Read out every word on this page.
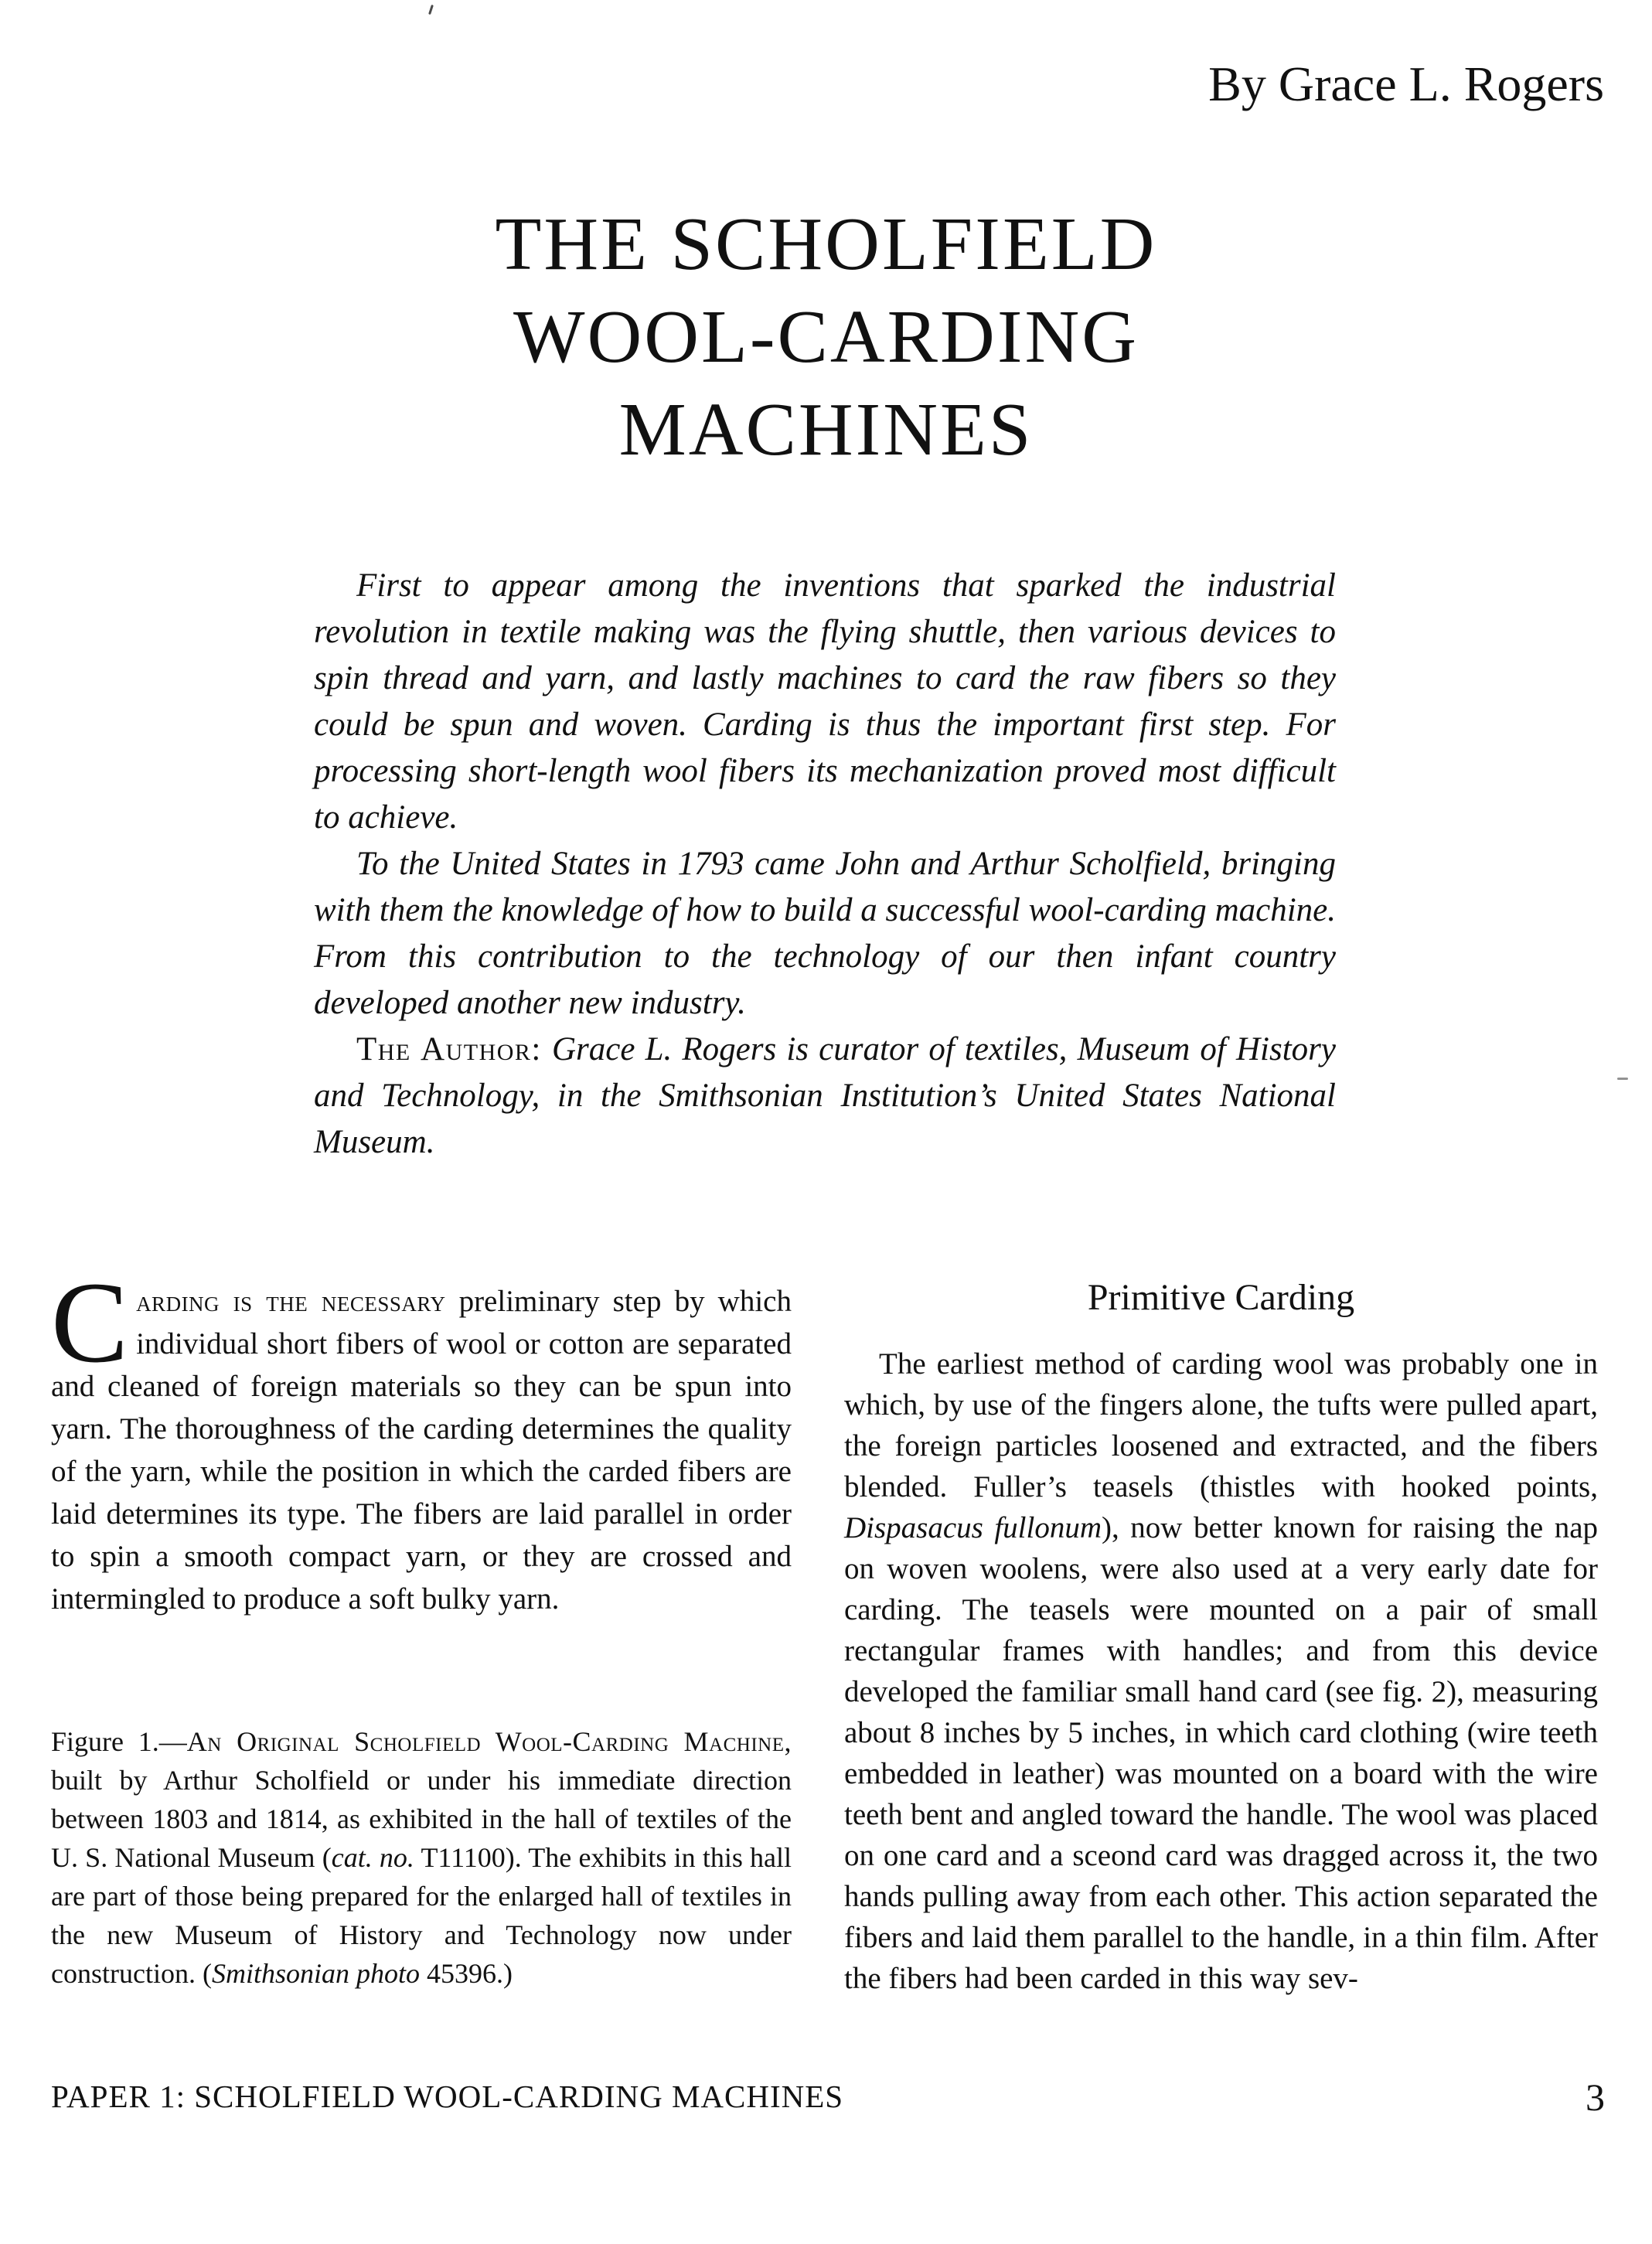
By Grace L. Rogers
THE SCHOLFIELD
WOOL-CARDING
MACHINES

First to appear among the inventions that sparked the industrial revolution in textile making was the flying shuttle, then various devices to spin thread and yarn, and lastly machines to card the raw fibers so they could be spun and woven. Carding is thus the important first step. For processing short-length wool fibers its mechanization proved most difficult to achieve.

To the United States in 1793 came John and Arthur Scholfield, bringing with them the knowledge of how to build a successful wool-carding machine. From this contribution to the technology of our then infant country developed another new industry.

The Author: Grace L. Rogers is curator of textiles, Museum of History and Technology, in the Smithsonian Institution’s United States National Museum.

Carding is the necessary preliminary step by which individual short fibers of wool or cotton are separated and cleaned of foreign materials so they can be spun into yarn. The thoroughness of the carding determines the quality of the yarn, while the position in which the carded fibers are laid determines its type. The fibers are laid parallel in order to spin a smooth compact yarn, or they are crossed and intermingled to produce a soft bulky yarn.

Figure 1.—An Original Scholfield Wool-Carding Machine, built by Arthur Scholfield or under his immediate direction between 1803 and 1814, as exhibited in the hall of textiles of the U. S. National Museum (cat. no. T11100). The exhibits in this hall are part of those being prepared for the enlarged hall of textiles in the new Museum of History and Technology now under construction. (Smithsonian photo 45396.)

Primitive Carding

The earliest method of carding wool was probably one in which, by use of the fingers alone, the tufts were pulled apart, the foreign particles loosened and extracted, and the fibers blended. Fuller’s teasels (thistles with hooked points, Dispasacus fullonum), now better known for raising the nap on woven woolens, were also used at a very early date for carding. The teasels were mounted on a pair of small rectangular frames with handles; and from this device developed the familiar small hand card (see fig. 2), measuring about 8 inches by 5 inches, in which card clothing (wire teeth embedded in leather) was mounted on a board with the wire teeth bent and angled toward the handle. The wool was placed on one card and a sceond card was dragged across it, the two hands pulling away from each other. This action separated the fibers and laid them parallel to the handle, in a thin film. After the fibers had been carded in this way sev-

PAPER 1: SCHOLFIELD WOOL-CARDING MACHINES	3
